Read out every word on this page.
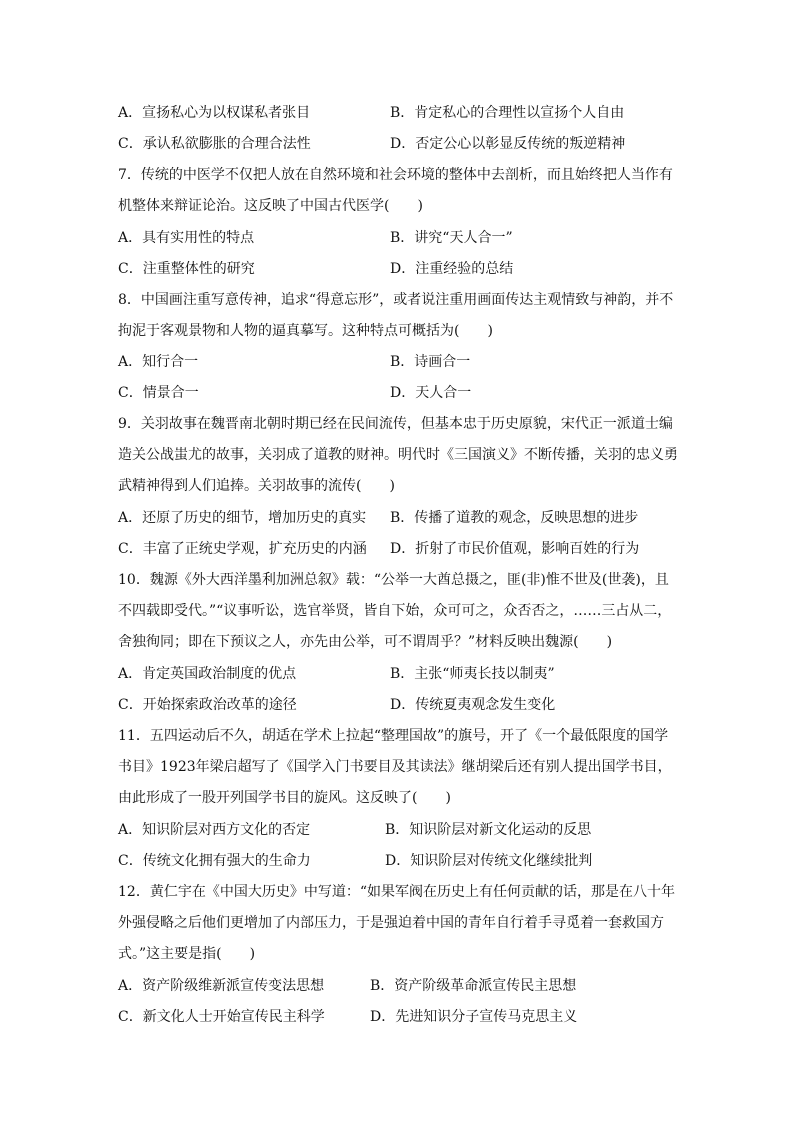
A．宣扬私心为以权谋私者张目	B．肯定私心的合理性以宣扬个人自由
C．承认私欲膨胀的合理合法性	D．否定公心以彰显反传统的叛逆精神
7．传统的中医学不仅把人放在自然环境和社会环境的整体中去剖析，而且始终把人当作有
机整体来辩证论治。这反映了中国古代医学(　　)
A．具有实用性的特点	B．讲究“天人合一”
C．注重整体性的研究	D．注重经验的总结
8．中国画注重写意传神，追求“得意忘形”，或者说注重用画面传达主观情致与神韵，并不
拘泥于客观景物和人物的逼真摹写。这种特点可概括为(　　)
A．知行合一	B．诗画合一
C．情景合一	D．天人合一
9．关羽故事在魏晋南北朝时期已经在民间流传，但基本忠于历史原貌，宋代正一派道士编
造关公战蚩尤的故事，关羽成了道教的财神。明代时《三国演义》不断传播，关羽的忠义勇
武精神得到人们追捧。关羽故事的流传(　　)
A．还原了历史的细节，增加历史的真实 B．传播了道教的观念，反映思想的进步
C．丰富了正统史学观，扩充历史的内涵 D．折射了市民价值观，影响百姓的行为
10．魏源《外大西洋墨利加洲总叙》载：“公举一大酋总摄之，匪(非)惟不世及(世袭)，且
不四载即受代。”“议事听讼，选官举贤，皆自下始，众可可之，众否否之，……三占从二，
舍独徇同；即在下预议之人，亦先由公举，可不谓周乎？”材料反映出魏源(　　)
A．肯定英国政治制度的优点	B．主张“师夷长技以制夷”
C．开始探索政治改革的途径	D．传统夏夷观念发生变化
11．五四运动后不久，胡适在学术上拉起“整理国故”的旗号，开了《一个最低限度的国学
书目》1923年梁启超写了《国学入门书要目及其读法》继胡梁后还有别人提出国学书目，
由此形成了一股开列国学书目的旋风。这反映了(　　)
A．知识阶层对西方文化的否定	B．知识阶层对新文化运动的反思
C．传统文化拥有强大的生命力	D．知识阶层对传统文化继续批判
12．黄仁宇在《中国大历史》中写道：“如果军阀在历史上有任何贡献的话，那是在八十年
外强侵略之后他们更增加了内部压力，于是强迫着中国的青年自行着手寻觅着一套救国方
式。”这主要是指(　　)
A．资产阶级维新派宣传变法思想	B．资产阶级革命派宣传民主思想
C．新文化人士开始宣传民主科学	D．先进知识分子宣传马克思主义
